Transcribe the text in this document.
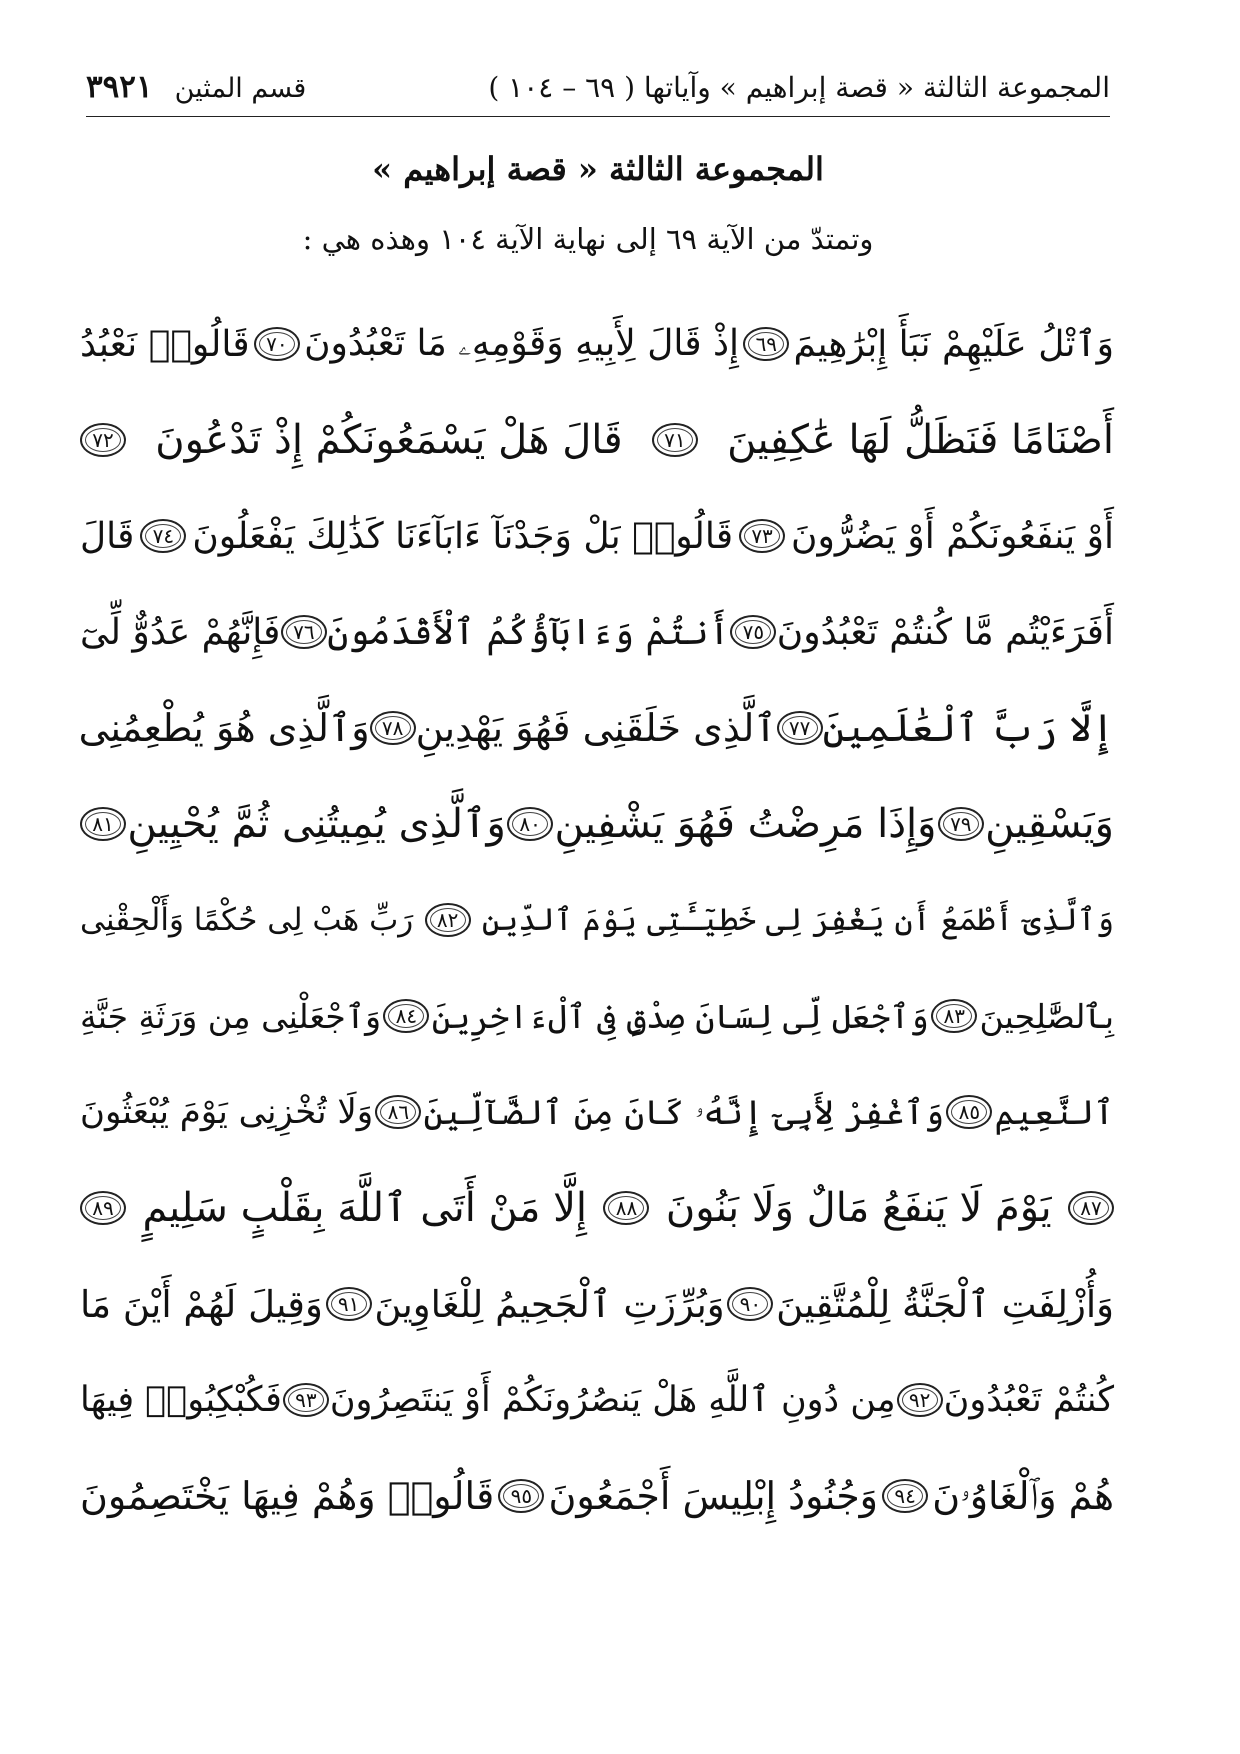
المجموعة الثالثة « قصة إبراهيم » وآياتها ( ٦٩ – ١٠٤ )
قسم المثين
٣٩٢١
المجموعة الثالثة « قصة إبراهيم »
وتمتدّ من الآية ٦٩ إلى نهاية الآية ١٠٤ وهذه هي :
وَٱتْلُ عَلَيْهِمْ نَبَأَ إِبْرَٰهِيمَ
٦٩
إِذْ قَالَ لِأَبِيهِ وَقَوْمِهِۦ مَا تَعْبُدُونَ
٧٠
قَالُوا۟ نَعْبُدُ
أَصْنَامًا فَنَظَلُّ لَهَا عَٰكِفِينَ
٧١
قَالَ هَلْ يَسْمَعُونَكُمْ إِذْ تَدْعُونَ
٧٢
أَوْ يَنفَعُونَكُمْ أَوْ يَضُرُّونَ
٧٣
قَالُوا۟ بَلْ وَجَدْنَآ ءَابَآءَنَا كَذَٰلِكَ يَفْعَلُونَ
٧٤
قَالَ
أَفَرَءَيْتُم مَّا كُنتُمْ تَعْبُدُونَ
٧٥
أَنتُمْ وَءَابَآؤُكُمُ ٱلْأَقْدَمُونَ
٧٦
فَإِنَّهُمْ عَدُوٌّ لِّىٓ
إِلَّا رَبَّ ٱلْعَٰلَمِينَ
٧٧
ٱلَّذِى خَلَقَنِى فَهُوَ يَهْدِينِ
٧٨
وَٱلَّذِى هُوَ يُطْعِمُنِى
وَيَسْقِينِ
٧٩
وَإِذَا مَرِضْتُ فَهُوَ يَشْفِينِ
٨٠
وَٱلَّذِى يُمِيتُنِى ثُمَّ يُحْيِينِ
٨١
وَٱلَّذِىٓ أَطْمَعُ أَن يَغْفِرَ لِى خَطِيٓـَٔتِى يَوْمَ ٱلدِّينِ
٨٢
رَبِّ هَبْ لِى حُكْمًا وَأَلْحِقْنِى
بِٱلصَّٰلِحِينَ
٨٣
وَٱجْعَل لِّى لِسَانَ صِدْقٍ فِى ٱلْءَاخِرِينَ
٨٤
وَٱجْعَلْنِى مِن وَرَثَةِ جَنَّةِ
ٱلنَّعِيمِ
٨٥
وَٱغْفِرْ لِأَبِىٓ إِنَّهُۥ كَانَ مِنَ ٱلضَّآلِّينَ
٨٦
وَلَا تُخْزِنِى يَوْمَ يُبْعَثُونَ
٨٧
يَوْمَ لَا يَنفَعُ مَالٌ وَلَا بَنُونَ
٨٨
إِلَّا مَنْ أَتَى ٱللَّهَ بِقَلْبٍ سَلِيمٍ
٨٩
وَأُزْلِفَتِ ٱلْجَنَّةُ لِلْمُتَّقِينَ
٩٠
وَبُرِّزَتِ ٱلْجَحِيمُ لِلْغَاوِينَ
٩١
وَقِيلَ لَهُمْ أَيْنَ مَا
كُنتُمْ تَعْبُدُونَ
٩٢
مِن دُونِ ٱللَّهِ هَلْ يَنصُرُونَكُمْ أَوْ يَنتَصِرُونَ
٩٣
فَكُبْكِبُوا۟ فِيهَا
هُمْ وَٱلْغَاوُۥنَ
٩٤
وَجُنُودُ إِبْلِيسَ أَجْمَعُونَ
٩٥
قَالُوا۟ وَهُمْ فِيهَا يَخْتَصِمُونَ
